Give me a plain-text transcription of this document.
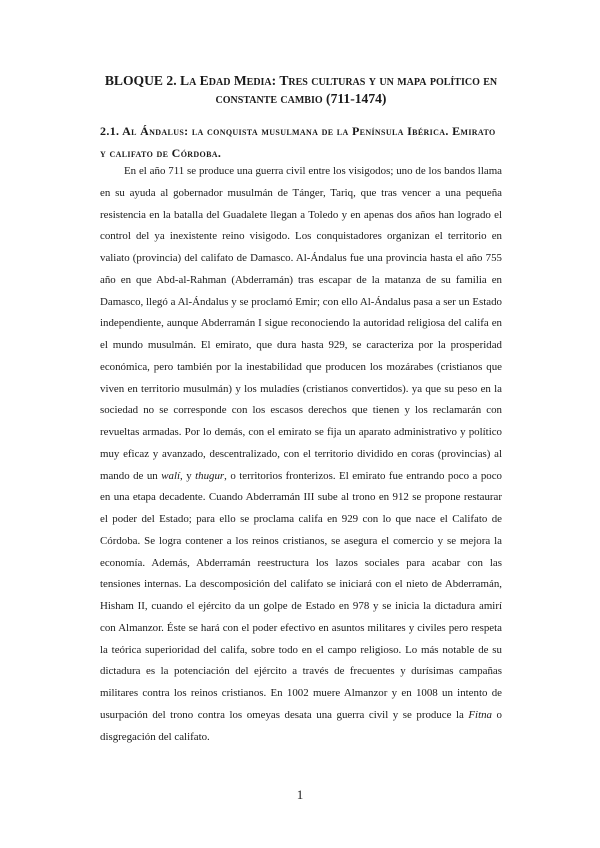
BLOQUE 2. La Edad Media: Tres culturas y un mapa político en constante cambio (711-1474)
2.1. Al Ándalus: la conquista musulmana de la Península Ibérica. Emirato y califato de Córdoba.

En el año 711 se produce una guerra civil entre los visigodos; uno de los bandos llama en su ayuda al gobernador musulmán de Tánger, Tariq, que tras vencer a una pequeña resistencia en la batalla del Guadalete llegan a Toledo y en apenas dos años han logrado el control del ya inexistente reino visigodo. Los conquistadores organizan el territorio en valiato (provincia) del califato de Damasco. Al-Ándalus fue una provincia hasta el año 755 año en que Abd-al-Rahman (Abderramán) tras escapar de la matanza de su familia en Damasco, llegó a Al-Ándalus y se proclamó Emir; con ello Al-Ándalus pasa a ser un Estado independiente, aunque Abderramán I sigue reconociendo la autoridad religiosa del califa en el mundo musulmán. El emirato, que dura hasta 929, se caracteriza por la prosperidad económica, pero también por la inestabilidad que producen los mozárabes (cristianos que viven en territorio musulmán) y los muladíes (cristianos convertidos). ya que su peso en la sociedad no se corresponde con los escasos derechos que tienen y los reclamarán con revueltas armadas. Por lo demás, con el emirato se fija un aparato administrativo y político muy eficaz y avanzado, descentralizado, con el territorio dividido en coras (provincias) al mando de un walí, y thugur, o territorios fronterizos. El emirato fue entrando poco a poco en una etapa decadente. Cuando Abderramán III sube al trono en 912 se propone restaurar el poder del Estado; para ello se proclama califa en 929 con lo que nace el Califato de Córdoba. Se logra contener a los reinos cristianos, se asegura el comercio y se mejora la economía. Además, Abderramán reestructura los lazos sociales para acabar con las tensiones internas. La descomposición del califato se iniciará con el nieto de Abderramán, Hisham II, cuando el ejército da un golpe de Estado en 978 y se inicia la dictadura amirí con Almanzor. Éste se hará con el poder efectivo en asuntos militares y civiles pero respeta la teórica superioridad del califa, sobre todo en el campo religioso. Lo más notable de su dictadura es la potenciación del ejército a través de frecuentes y durísimas campañas militares contra los reinos cristianos. En 1002 muere Almanzor y en 1008 un intento de usurpación del trono contra los omeyas desata una guerra civil y se produce la Fitna o disgregación del califato.

1
